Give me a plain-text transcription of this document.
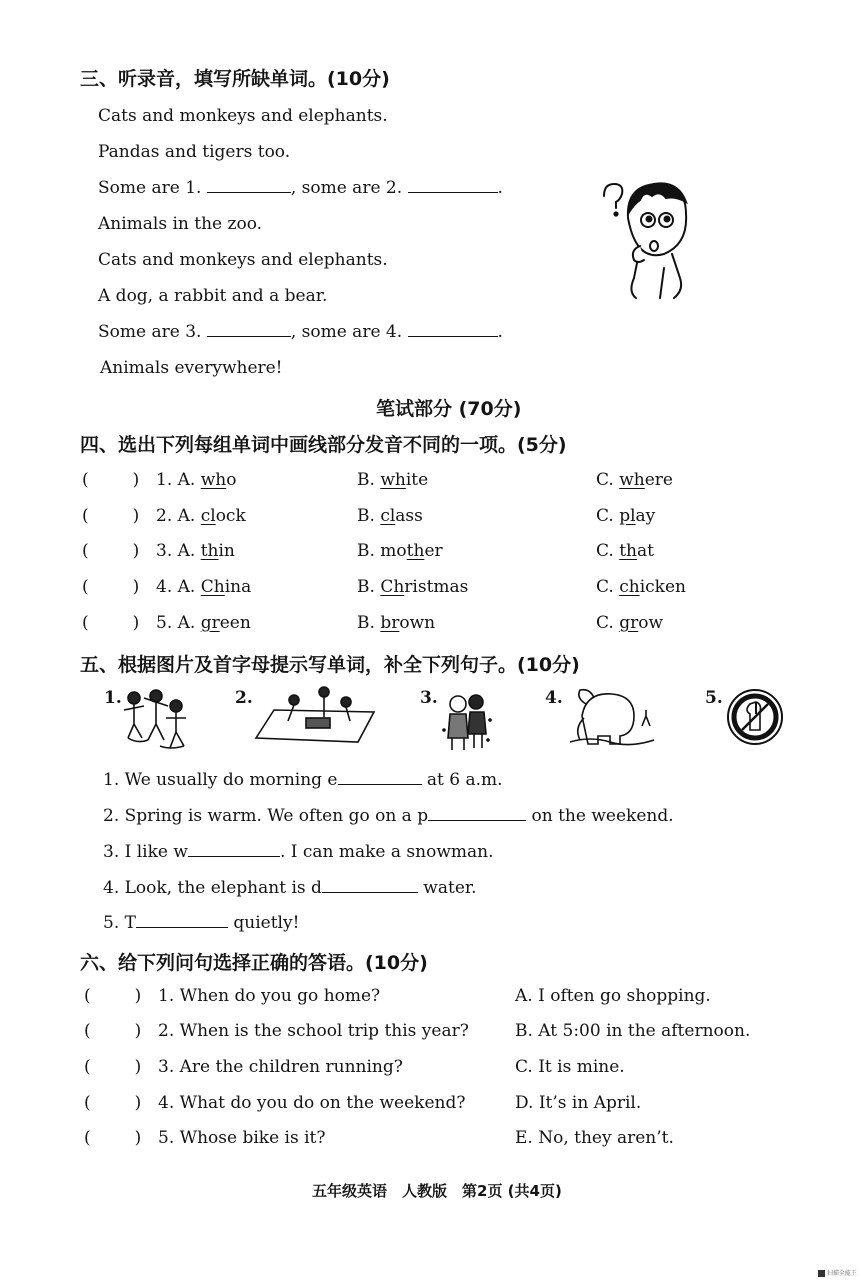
三、听录音，填写所缺单词。(10分)
Cats and monkeys and elephants.
Pandas and tigers too.
Some are 1.	, some are 2.	.
Animals in the zoo.
Cats and monkeys and elephants.
A dog, a rabbit and a bear.
Some are 3.	, some are 4.	.
Animals everywhere!
笔试部分 (70分)
四、选出下列每组单词中画线部分发音不同的一项。(5分)
(	) 1. A. who	B. white	C. where
(	) 2. A. clock	B. class	C. play
(	) 3. A. thin	B. mother	C. that
(	) 4. A. China	B. Christmas	C. chicken
(	) 5. A. green	B. brown	C. grow
五、根据图片及首字母提示写单词，补全下列句子。(10分)
1.	2.	3.	4.	5.
1. We usually do morning e	at 6 a.m.
2. Spring is warm. We often go on a p	on the weekend.
3. I like w	. I can make a snowman.
4. Look, the elephant is d	water.
5. T	quietly!
六、给下列问句选择正确的答语。(10分)
(	) 1. When do you go home?	A. I often go shopping.
(	) 2. When is the school trip this year?	B. At 5:00 in the afternoon.
(	) 3. Are the children running?	C. It is mine.
(	) 4. What do you do on the weekend?	D. It’s in April.
(	) 5. Whose bike is it?	E. No, they aren’t.
五年级英语　人教版　第2页 (共4页)
扫描全能王
